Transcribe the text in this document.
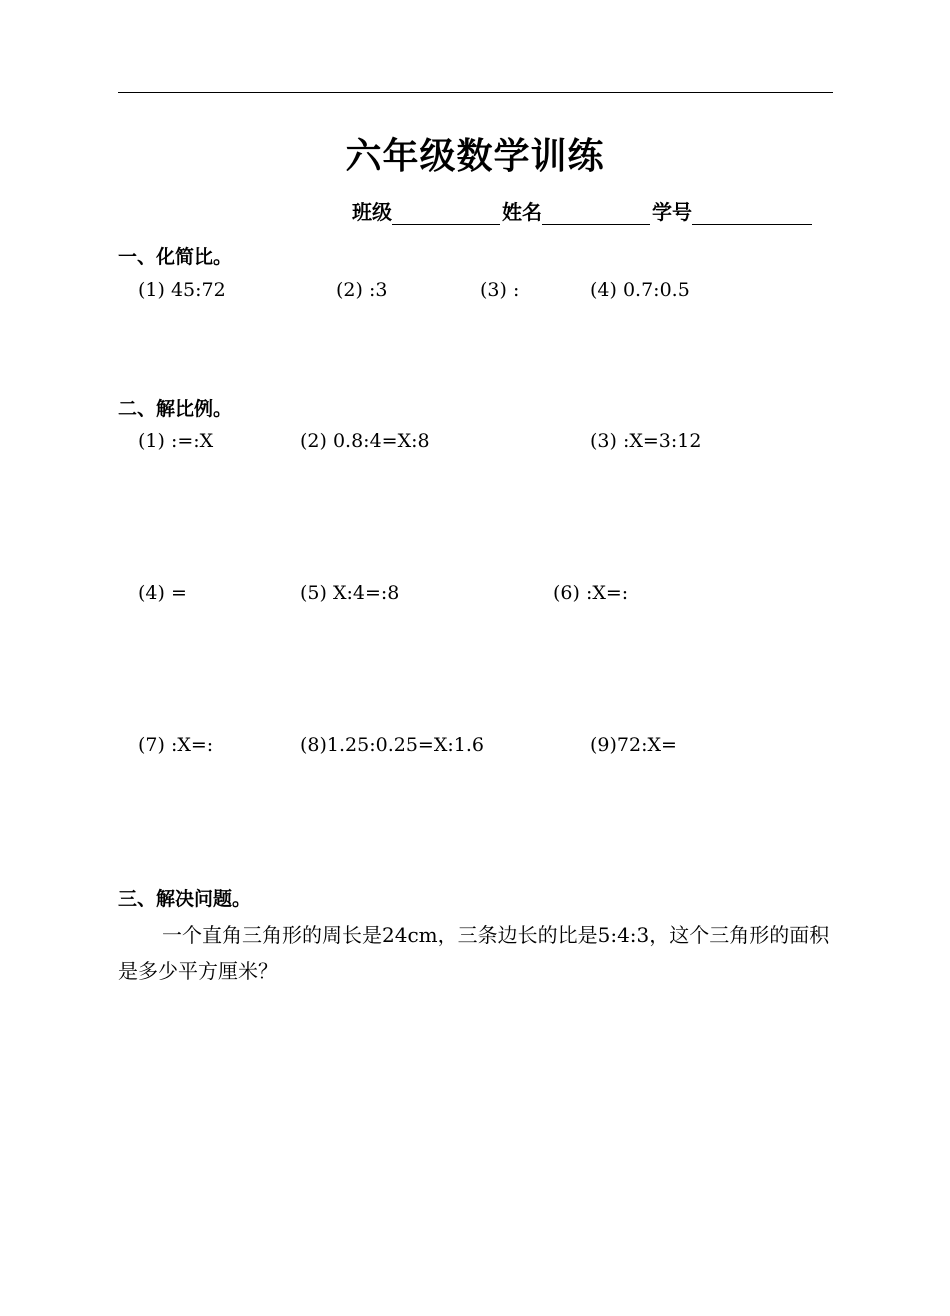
六年级数学训练
班级	姓名	学号
一、化简比。
(1) 45:72	(2) :3	(3) :	(4) 0.7:0.5
二、解比例。
(1) :=:X	(2) 0.8:4=X:8	(3) :X=3:12
(4) =	(5) X:4=:8	(6) :X=:
(7) :X=:	(8)1.25:0.25=X:1.6	(9)72:X=
三、解决问题。
一个直角三角形的周长是24cm，三条边长的比是5:4:3，这个三角形的面积是多少平方厘米？
